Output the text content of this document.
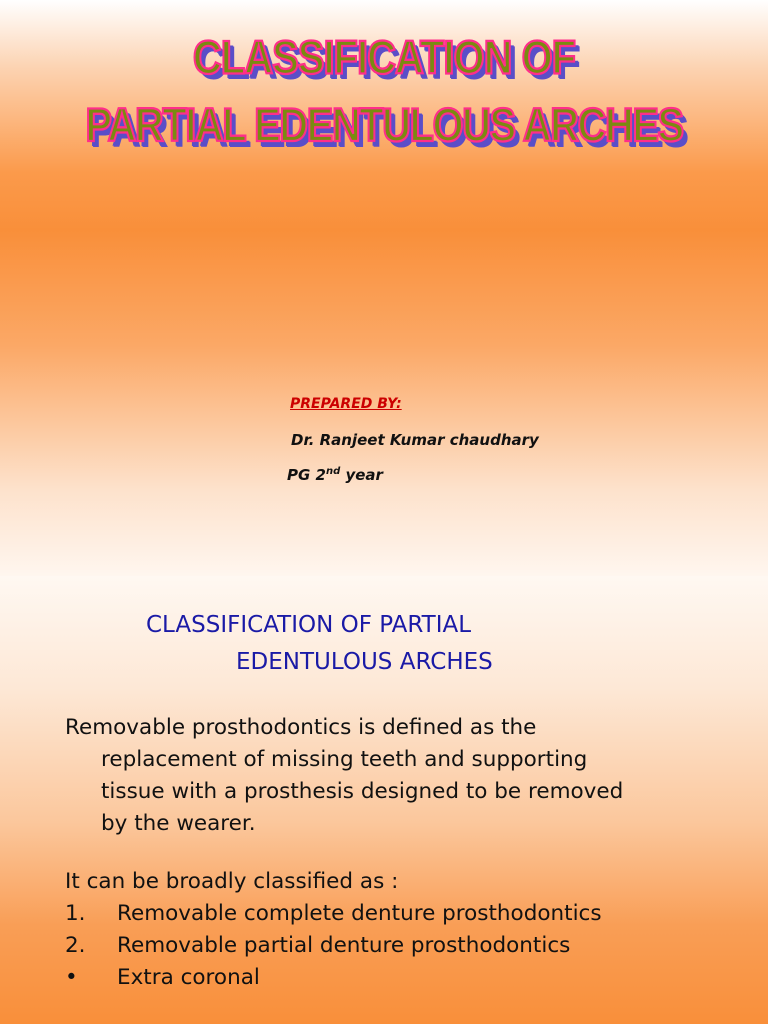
CLASSIFICATION OF
PARTIAL EDENTULOUS ARCHES
PREPARED BY:
Dr. Ranjeet Kumar chaudhary
PG 2nd year
CLASSIFICATION OF PARTIAL
EDENTULOUS ARCHES
Removable prosthodontics is defined as the
replacement of missing teeth and supporting
tissue with a prosthesis designed to be removed
by the wearer.
It can be broadly classified as :
1.	Removable complete denture prosthodontics
2.	Removable partial denture prosthodontics
•	Extra coronal
